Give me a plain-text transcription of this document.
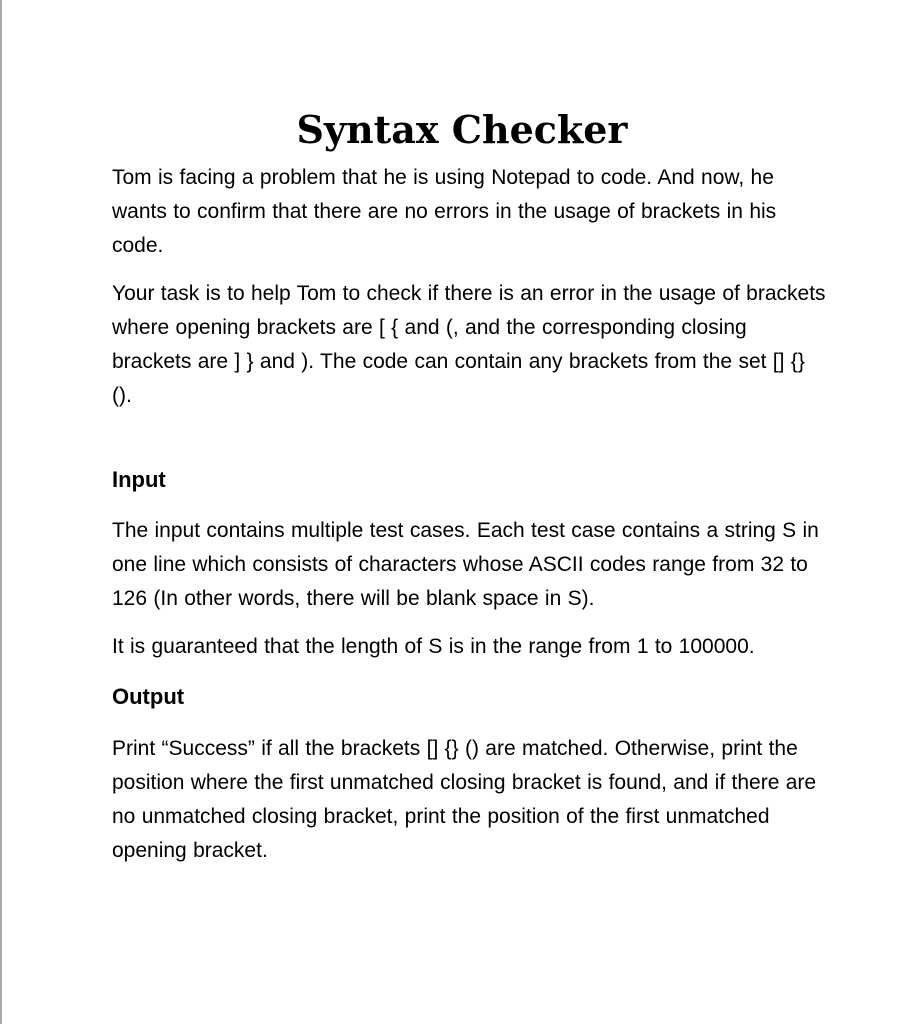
Syntax Checker

Tom is facing a problem that he is using Notepad to code. And now, he wants to confirm that there are no errors in the usage of brackets in his code.

Your task is to help Tom to check if there is an error in the usage of brackets where opening brackets are [ { and (, and the corresponding closing brackets are ] } and ). The code can contain any brackets from the set [] {} ().

Input

The input contains multiple test cases. Each test case contains a string S in one line which consists of characters whose ASCII codes range from 32 to 126 (In other words, there will be blank space in S).

It is guaranteed that the length of S is in the range from 1 to 100000.

Output

Print “Success” if all the brackets [] {} () are matched. Otherwise, print the position where the first unmatched closing bracket is found, and if there are no unmatched closing bracket, print the position of the first unmatched opening bracket.
